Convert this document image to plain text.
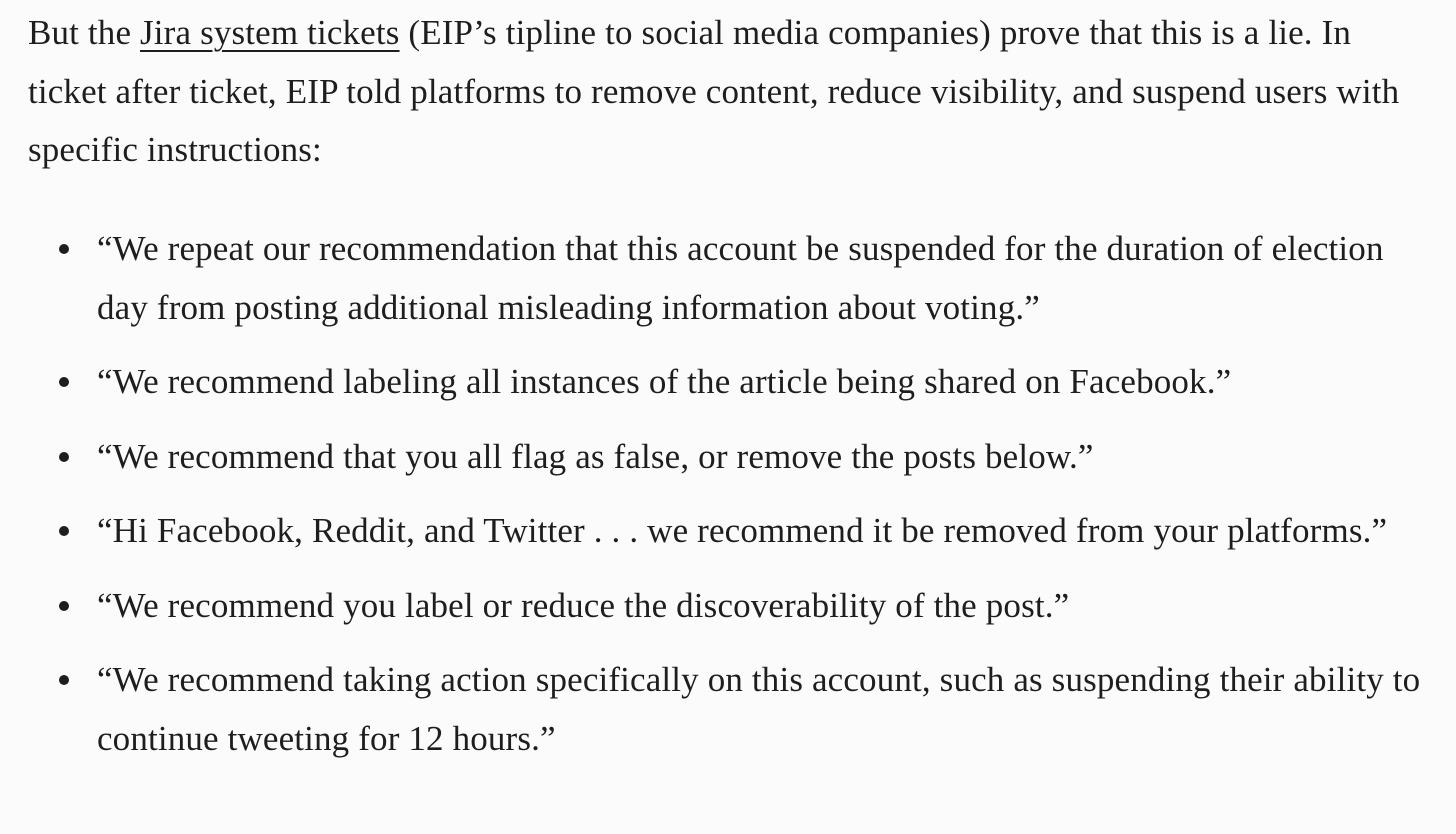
But the Jira system tickets (EIP’s tipline to social media companies) prove that this is a lie. In ticket after ticket, EIP told platforms to remove content, reduce visibility, and suspend users with specific instructions:

“We repeat our recommendation that this account be suspended for the duration of election day from posting additional misleading information about voting.”
“We recommend labeling all instances of the article being shared on Facebook.”
“We recommend that you all flag as false, or remove the posts below.”
“Hi Facebook, Reddit, and Twitter . . . we recommend it be removed from your platforms.”
“We recommend you label or reduce the discoverability of the post.”
“We recommend taking action specifically on this account, such as suspending their ability to continue tweeting for 12 hours.”
